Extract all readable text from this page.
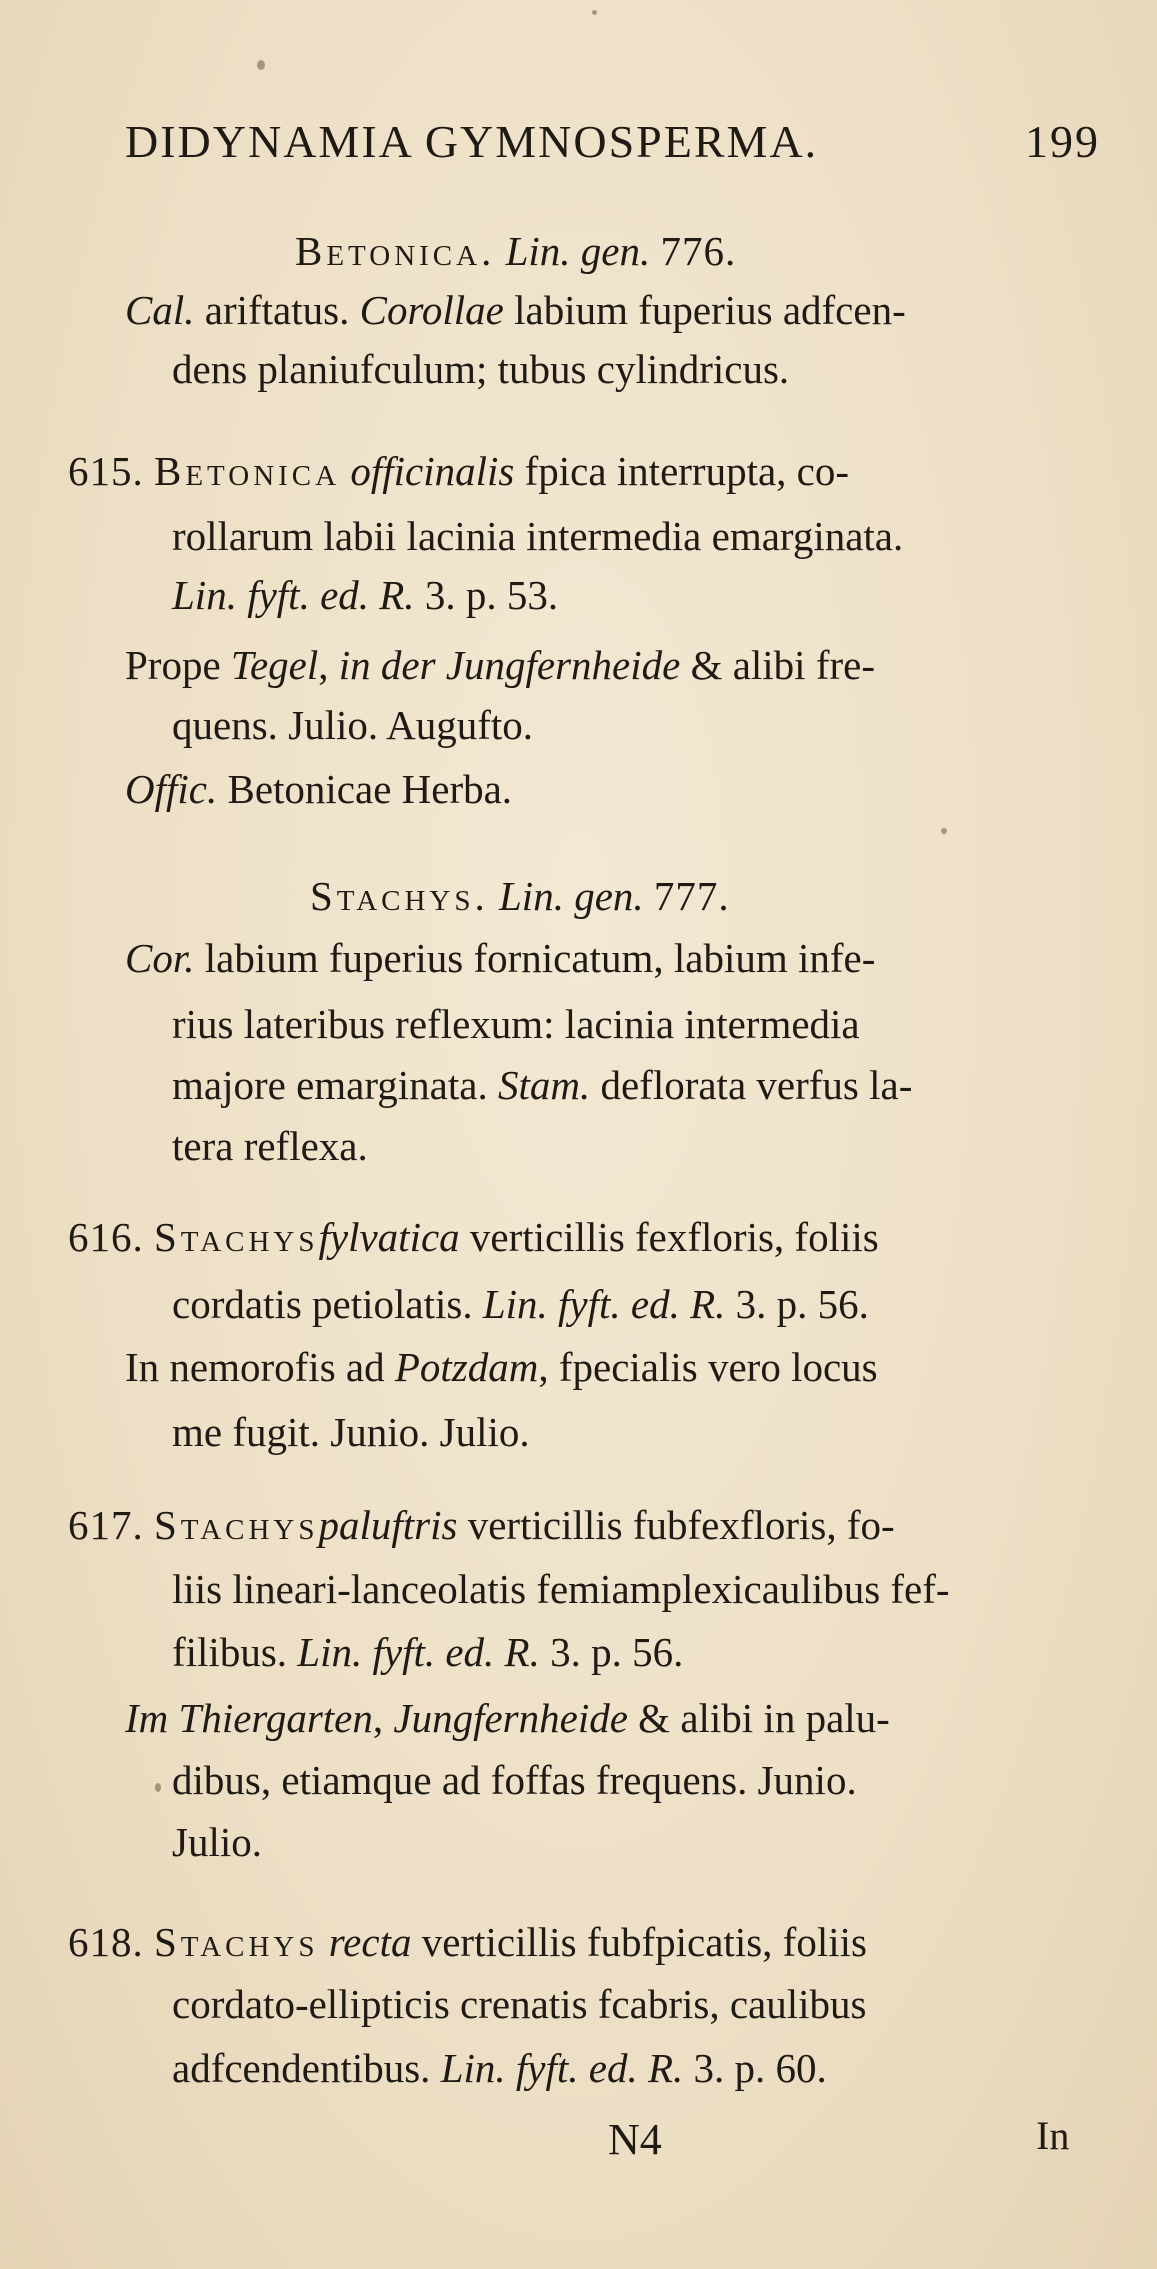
DIDYNAMIA GYMNOSPERMA.	199
Betonica. Lin. gen. 776.
Cal. ariftatus. Corollae labium fuperius adfcen-
dens planiufculum; tubus cylindricus.
615. Betonica officinalis fpica interrupta, co-
rollarum labii lacinia intermedia emarginata.
Lin. fyft. ed. R. 3. p. 53.
Prope Tegel, in der Jungfernheide & alibi fre-
quens. Julio. Augufto.
Offic. Betonicae Herba.
Stachys. Lin. gen. 777.
Cor. labium fuperius fornicatum, labium infe-
rius lateribus reflexum: lacinia intermedia
majore emarginata. Stam. deflorata verfus la-
tera reflexa.
616. Stachysfylvatica verticillis fexfloris, foliis
cordatis petiolatis. Lin. fyft. ed. R. 3. p. 56.
In nemorofis ad Potzdam, fpecialis vero locus
me fugit. Junio. Julio.
617. Stachyspaluftris verticillis fubfexfloris, fo-
liis lineari-lanceolatis femiamplexicaulibus fef-
filibus. Lin. fyft. ed. R. 3. p. 56.
Im Thiergarten, Jungfernheide & alibi in palu-
dibus, etiamque ad foffas frequens. Junio.
Julio.
618. Stachys recta verticillis fubfpicatis, foliis
cordato-ellipticis crenatis fcabris, caulibus
adfcendentibus. Lin. fyft. ed. R. 3. p. 60.
N4	In
